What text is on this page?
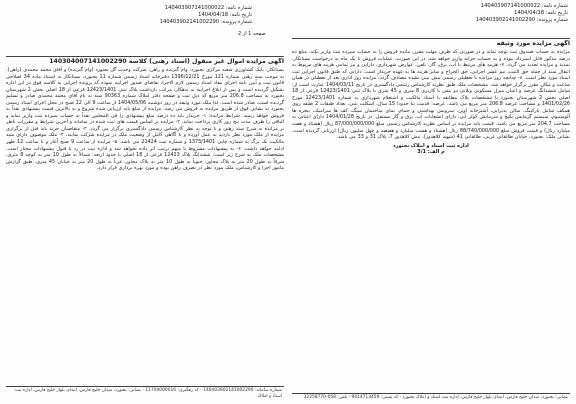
شماره نامه: 140403907141000022
تاریخ نامه: 1404/04/18
شماره پرونده: 140403902141002290
آگهی مزایده مورد وثیقه

مزایده به حساب صندوق ثبت توجه نماید و در صورتی که ظرف مهلت مقرر، مانده فروش را به حساب سپرده ثبت واریز نکند، مبلغ ده درصد مذکور قابل استرداد نبوده و به حساب خزانه واریز خواهد شد. در این صورت، عملیات فروش تا یک ماه به درخواست بستانکار، تمدید و مزایده تجدید می گردد. ۷- هزینه های مرتبط با آب، برق، گاز، تلفن، عوارض شهرداری، دارایی و نیز تمامی هزینه های مربوط به انتقال سند از جمله حق الثبت، نیم عشر اجرایی، حق الحراج و سایر هزینه ها به عهده خریدار است. دارایی که طبق قانون اجرایی ثبت اسناد مورد نظر است. ۸- چنانچه روز مزایده با تعطیلی رسمی پیش بینی نشده مصادف گردد، مزایده روز اداری بعد از تعطیلی در همان ساعت و مکان مقرر برگزار خواهد شد. مشخصات ملک طبق نظریه کارشناس رسمی دادگستری در تاریخ 1404/03/11 عبارت است از: شامل ششدانگ عرصه و اعیان منزل مسکونی ویلایی دو نبش با کاربری 8 متری و 45 متری با پلاک ثبتی 12423/1401 فرعی از 18 اصلی بخش 2 شهرستان بجنورد با مشخصات پلاک مطابقه با اسناد مالکیت و استعلام شهرداری به شماره 12423/1401 مورخ 1401/02/26 و مساحت عرصه 206.8 متر مربع می باشد. عرصه: قدمت بنا حدودا 15 سال، اسکلت بتنی، تعداد طبقات 2 طبقه روی همکف شامل پارکینگ، سالن پذیرایی، آشپزخانه اوپن، سرویس بهداشتی و حمام. نمای ساختمان سنگ، کف ها سرامیک، پنجره ها آلومینیوم، سیستم گرمایش پکیج و سرمایش کولر آبی، دارای انشعابات آب، برق و گاز مستقل. در تاریخ 1404/01/28 دارای اعیانی به مساحت 204.7 متر مربع می باشد. قیمت پایه مزایده بر اساس نظریه کارشناس رسمی مبلغ 87/000/000/000 ریال (هشتاد و هفت میلیارد ریال) و قیمت فروش مبلغ 88/740/000/000 ریال (هشتاد و هشت میلیارد و هفتصد و چهل میلیون ریال) ارزیابی گردیده است. نشانی ملک: بجنورد، خیابان طالقانی غربی، طالقانی 41 (شهید کلاهدوز)، نبش کلاهدوز 7، پلاک 31 و 33 می باشد.

اداره ثبت اسناد و املاک بجنورد
م الف: 3/1
نشانی: بجنورد، میدان خلیج فارس، ابتدای بلوار خلیج فارس، اداره ثبت اسناد و املاک بجنورد - کد پستی: 9414713459 - تلفن: 058-32258770
شماره نامه: 140403907141000022
تاریخ نامه: 1404/04/18
شماره پرونده: 140403902141002290
صفحه 1 از 2
آگهی مزایده اموال غیر منقول (اسناد رهنی) کلاسه 140304007141002290

بستانکار: بانک کشاورزی شعبه مرکزی بجنورد. وام گیرنده و راهن: شرکت وحدت گل بجنورد (وام گیرنده) و آقای محمد محمدی (راهن). به موجب سند رهنی شماره 121 مورخ 1396/12/21 دفترخانه اسناد رسمی شماره 11 بجنورد، بستانکار به استناد ماده 34 اصلاحی قانون ثبت و آیین نامه اجرای مفاد اسناد رسمی لازم الاجرا، تقاضای صدور اجراییه نموده که پرونده اجرایی به کلاسه فوق در این اداره تشکیل گردیده است و پس از ابلاغ اجراییه به بدهکار، مراتب بازداشت پلاک ثبتی 12423/1401 فرعی از 18 اصلی بخش 2 شهرستان بجنورد به مساحت 206.8 متر مربع که ذیل ثبت و صفحه دفتر املاک شماره 90363 سند به نام آقای محمد محمدی صادر و تسلیم گردیده است، صادر شده است. لذا ملک مورد وثیقه در روز دوشنبه 1404/05/06 از ساعت 9 الی 12 صبح در محل اجرای اسناد رسمی بجنورد به نشانی فوق از طریق مزایده به فروش می رسد. مزایده از مبلغ پایه ارزیابی شده شروع و به بالاترین قیمت پیشنهادی نقداً به فروش خواهد رسید. شرایط مزایده: ۱- خریدار باید ده درصد مبلغ پیشنهادی را فی المجلس نقداً به حساب سپرده ثبت واریز نماید و الباقی را ظرف مدت پنج روز کاری پرداخت نماید. ۲- مزایده بر اساس قیمت های ثبت شده در سامانه و آخرین شرایط و مقررات ناظر بر مزایده به شرح سند رهنی و با توجه به نظر کارشناس رسمی دادگستری برگزار می گردد. ۳- متقاضیان خرید باید قبل از برگزاری مزایده از ملک مورد نظر بازدید به عمل آورده و با آگاهی کامل از وضعیت ملک در مزایده شرکت نمایند. ۴- ملک موصوف دارای سند مالکیت تک برگ به شماره چاپی 1373/1401 و شماره ثبت 21424 می باشد. ۵- مزایده از ساعت 9 صبح آغاز و تا ساعت 12 ظهر ادامه خواهد داشت. ۶- به پیشنهادات مشروط یا مبهم ترتیب اثر داده نخواهد شد و اداره ثبت در رد یا قبول پیشنهادات مختار است. مشخصات ملک به شرح زیر است: ششدانگ پلاک 12423 فرعی از 18 اصلی با حدود اربعه: شمالاً به طول 10 متر به کوچه 8 متری، شرقاً به طول 20 متر به پلاک مجاور، جنوباً به طول 10 متر به پلاک مجاور، غرباً به طول 20 متر به خیابان 45 متری. طبق گزارش مامور اجرا و کارشناس، ملک مورد نظر در تصرف راهن بوده و مورد بهره برداری قرار دارد.

شماره سامانه: 140403902141002290 - کد رهگیری: 11704000016 - نشانی: بجنورد، میدان خلیج فارس، ابتدای بلوار خلیج فارس، اداره ثبت اسناد و املاک
